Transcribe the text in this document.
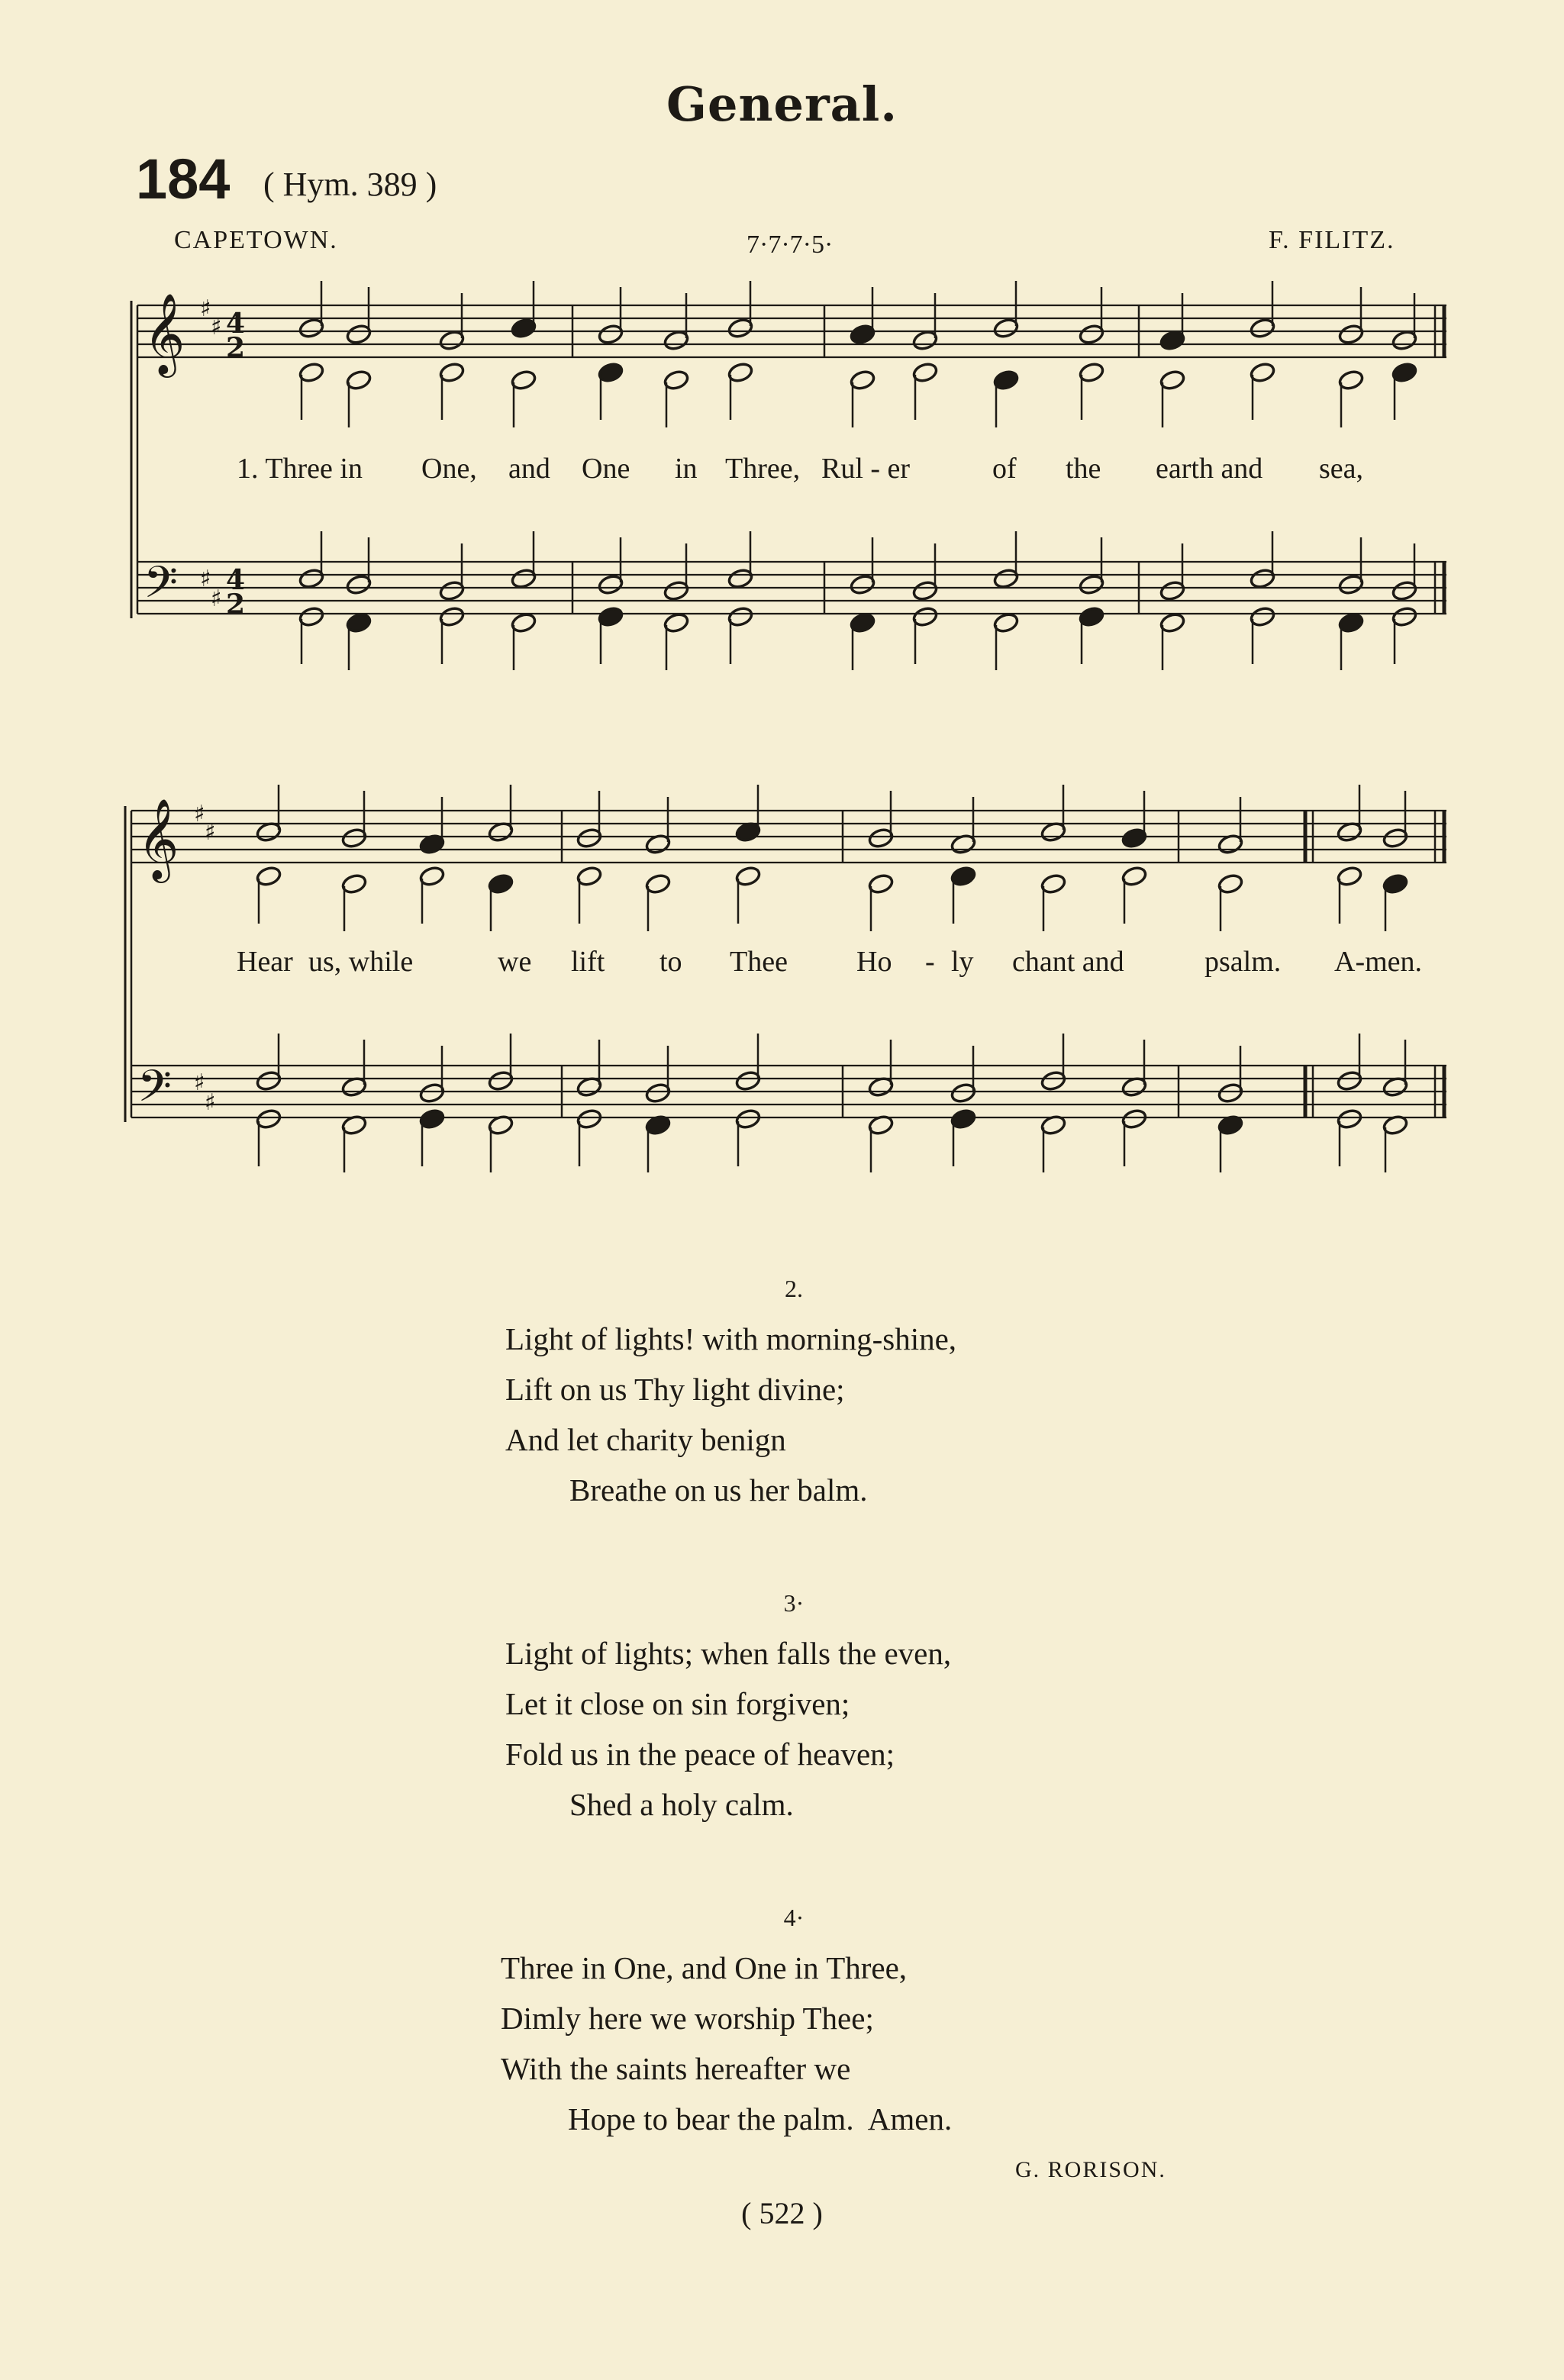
General.
184 ( Hym. 389 )
CAPETOWN.	7·7·7·5·	F. FILITZ.
𝄞 ♯
♯ 4
2
𝄢 ♯
♯
4
2
𝄞 ♯
♯
𝄢 ♯
♯
1. Three in One, and One in Three, Rul - er	of the earth and sea,
Hear us, while	we lift to Thee Ho - ly chant and	psalm. A-men.
2.
Light of lights! with morning-shine,
Lift on us Thy light divine;
And let charity benign
Breathe on us her balm.
3·
Light of lights; when falls the even,
Let it close on sin forgiven;
Fold us in the peace of heaven;
Shed a holy calm.
4·
Three in One, and One in Three,
Dimly here we worship Thee;
With the saints hereafter we
Hope to bear the palm.  Amen.
G. RORISON.
( 522 )
